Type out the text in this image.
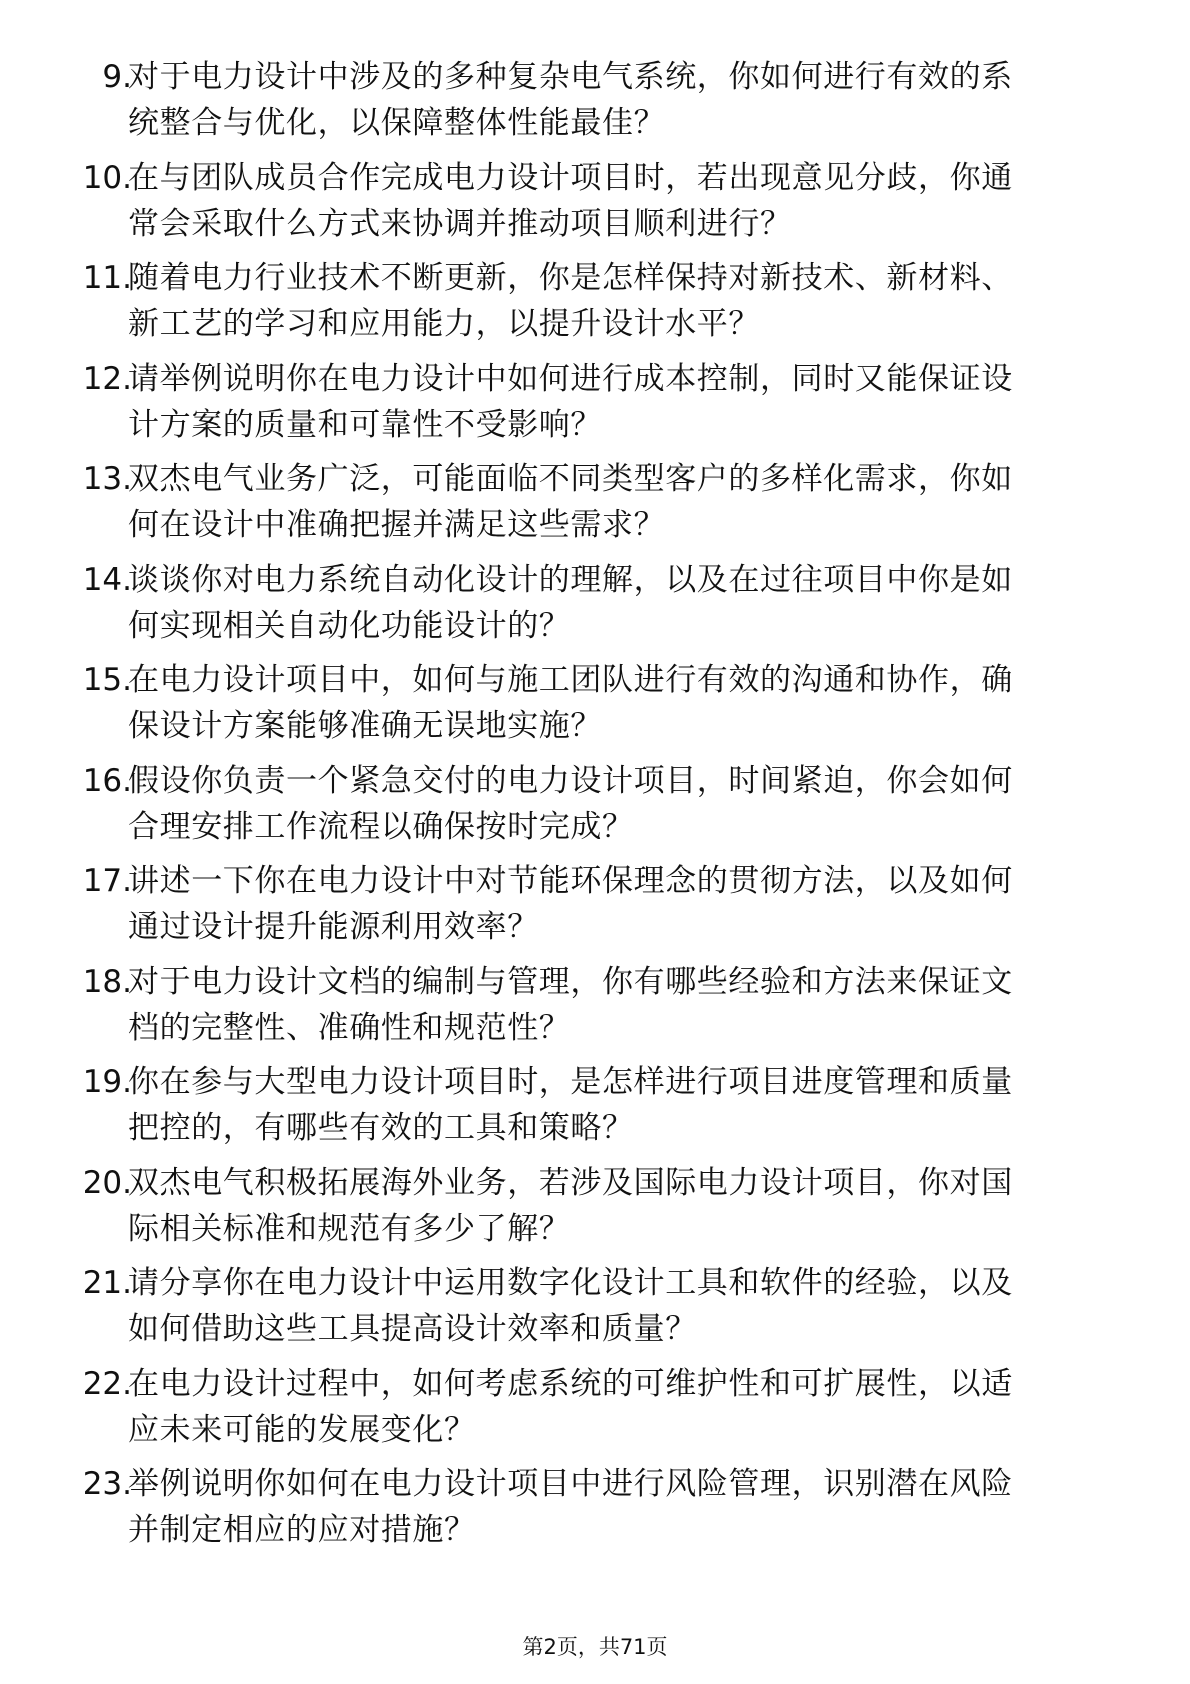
9.
对于电力设计中涉及的多种复杂电气系统，你如何进行有效的系
统整合与优化，以保障整体性能最佳？
10.
在与团队成员合作完成电力设计项目时，若出现意见分歧，你通
常会采取什么方式来协调并推动项目顺利进行？
11.
随着电力行业技术不断更新，你是怎样保持对新技术、新材料、
新工艺的学习和应用能力，以提升设计水平？
12.
请举例说明你在电力设计中如何进行成本控制，同时又能保证设
计方案的质量和可靠性不受影响？
13.
双杰电气业务广泛，可能面临不同类型客户的多样化需求，你如
何在设计中准确把握并满足这些需求？
14.
谈谈你对电力系统自动化设计的理解，以及在过往项目中你是如
何实现相关自动化功能设计的？
15.
在电力设计项目中，如何与施工团队进行有效的沟通和协作，确
保设计方案能够准确无误地实施？
16.
假设你负责一个紧急交付的电力设计项目，时间紧迫，你会如何
合理安排工作流程以确保按时完成？
17.
讲述一下你在电力设计中对节能环保理念的贯彻方法，以及如何
通过设计提升能源利用效率？
18.
对于电力设计文档的编制与管理，你有哪些经验和方法来保证文
档的完整性、准确性和规范性？
19.
你在参与大型电力设计项目时，是怎样进行项目进度管理和质量
把控的，有哪些有效的工具和策略？
20.
双杰电气积极拓展海外业务，若涉及国际电力设计项目，你对国
际相关标准和规范有多少了解？
21.
请分享你在电力设计中运用数字化设计工具和软件的经验，以及
如何借助这些工具提高设计效率和质量？
22.
在电力设计过程中，如何考虑系统的可维护性和可扩展性，以适
应未来可能的发展变化？
23.
举例说明你如何在电力设计项目中进行风险管理，识别潜在风险
并制定相应的应对措施？
第2页，共71页
